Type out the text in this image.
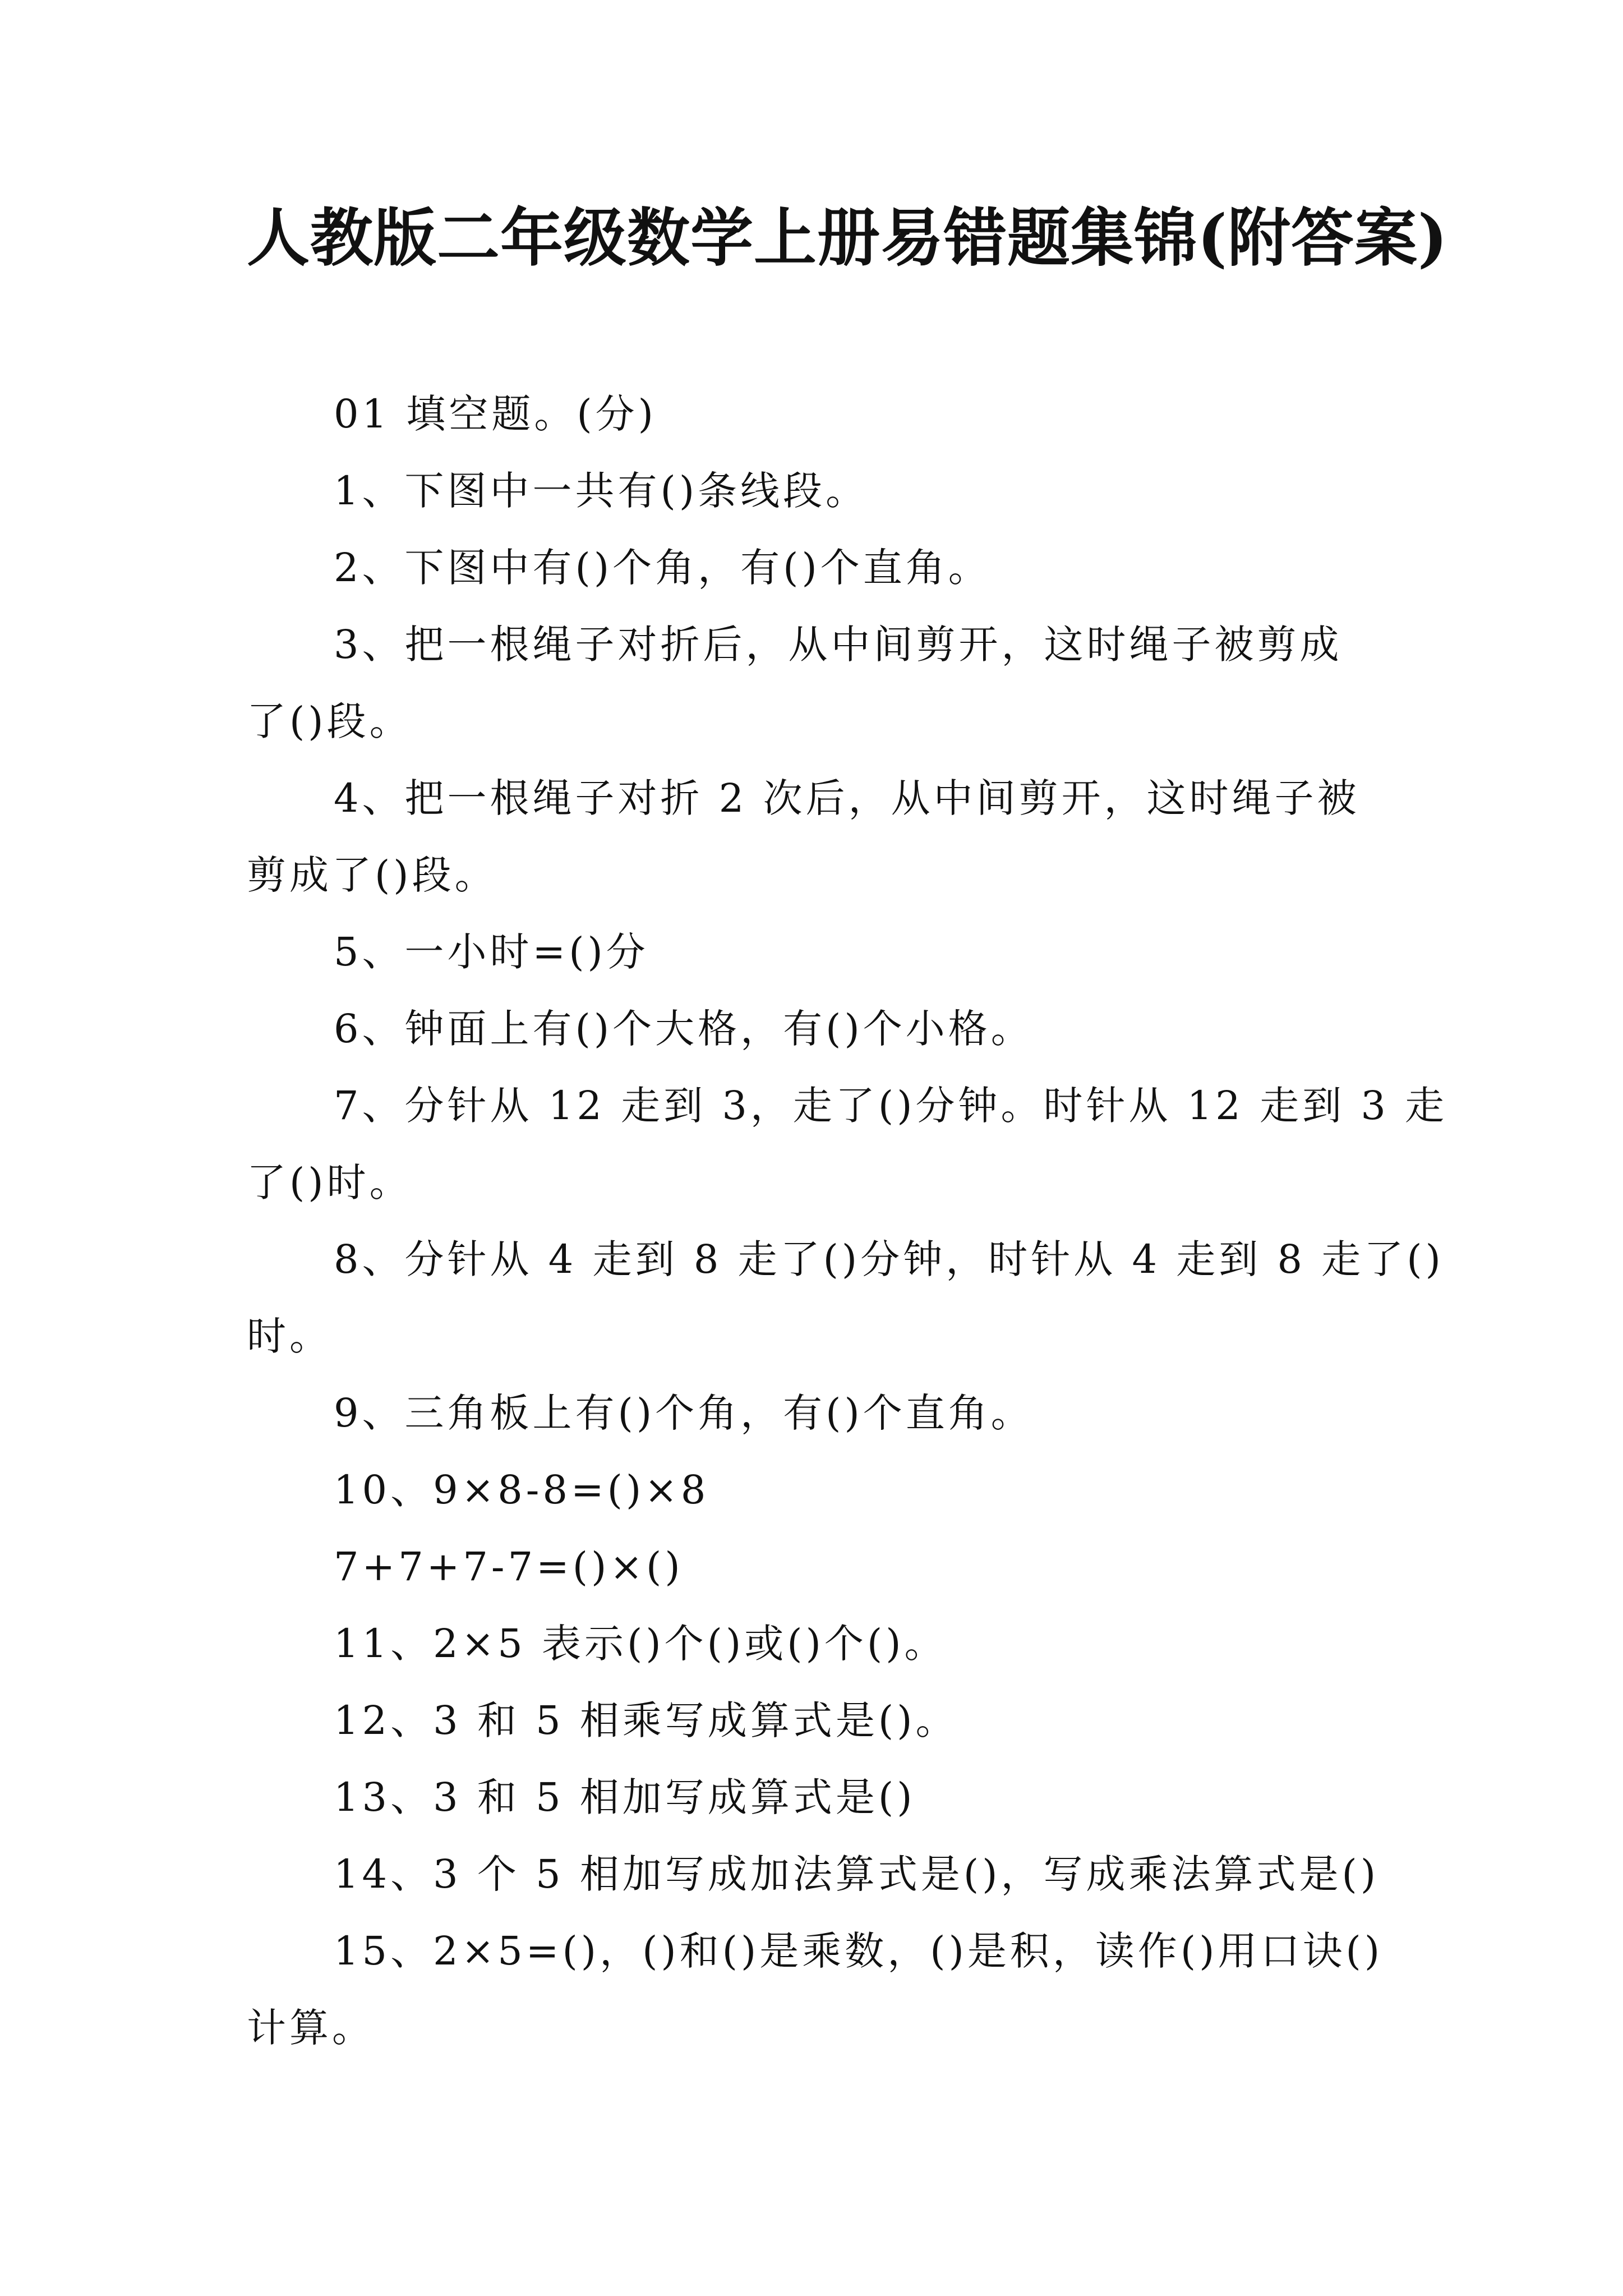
人教版二年级数学上册易错题集锦(附答案)

01 填空题。(分)

1、下图中一共有()条线段。

2、下图中有()个角，有()个直角。

3、把一根绳子对折后，从中间剪开，这时绳子被剪成

了()段。

4、把一根绳子对折 2 次后，从中间剪开，这时绳子被

剪成了()段。

5、一小时=()分

6、钟面上有()个大格，有()个小格。

7、分针从 12 走到 3，走了()分钟。时针从 12 走到 3 走

了()时。

8、分针从 4 走到 8 走了()分钟，时针从 4 走到 8 走了()

时。

9、三角板上有()个角，有()个直角。

10、9×8-8=()×8

7+7+7-7=()×()

11、2×5 表示()个()或()个()。

12、3 和 5 相乘写成算式是()。

13、3 和 5 相加写成算式是()

14、3 个 5 相加写成加法算式是()，写成乘法算式是()

15、2×5=()，()和()是乘数，()是积，读作()用口诀()

计算。
